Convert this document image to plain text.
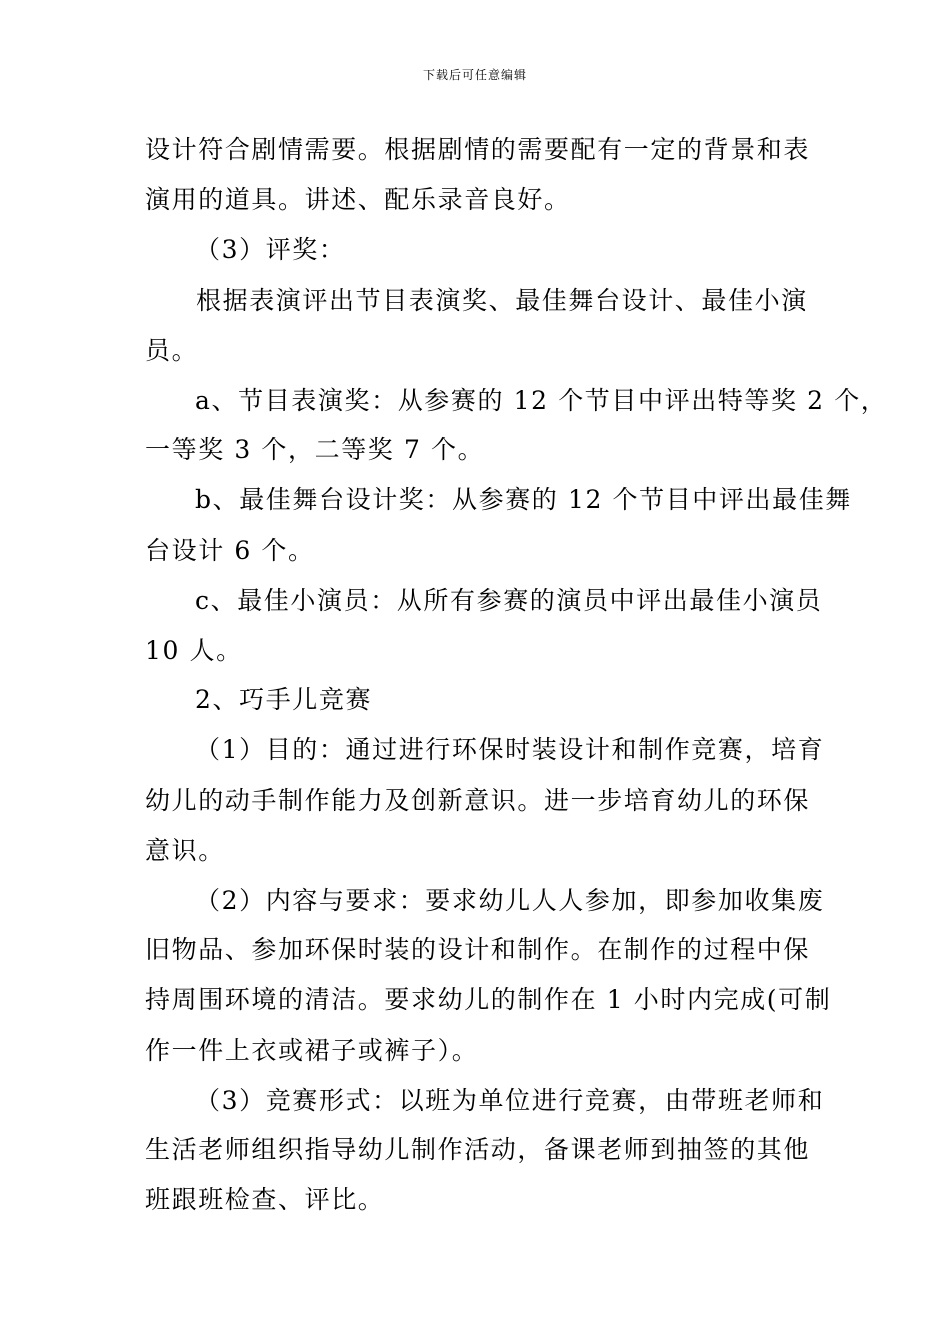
下载后可任意编辑
设计符合剧情需要。根据剧情的需要配有一定的背景和表
演用的道具。讲述、配乐录音良好。
（3）评奖：
根据表演评出节目表演奖、最佳舞台设计、最佳小演
员。
a、节目表演奖：从参赛的 12 个节目中评出特等奖 2 个，
一等奖 3 个，二等奖 7 个。
b、最佳舞台设计奖：从参赛的 12 个节目中评出最佳舞
台设计 6 个。
c、最佳小演员：从所有参赛的演员中评出最佳小演员
10 人。
2、巧手儿竞赛
（1）目的：通过进行环保时装设计和制作竞赛，培育
幼儿的动手制作能力及创新意识。进一步培育幼儿的环保
意识。
（2）内容与要求：要求幼儿人人参加，即参加收集废
旧物品、参加环保时装的设计和制作。在制作的过程中保
持周围环境的清洁。要求幼儿的制作在 1 小时内完成(可制
作一件上衣或裙子或裤子）。
（3）竞赛形式：以班为单位进行竞赛，由带班老师和
生活老师组织指导幼儿制作活动，备课老师到抽签的其他
班跟班检查、评比。
